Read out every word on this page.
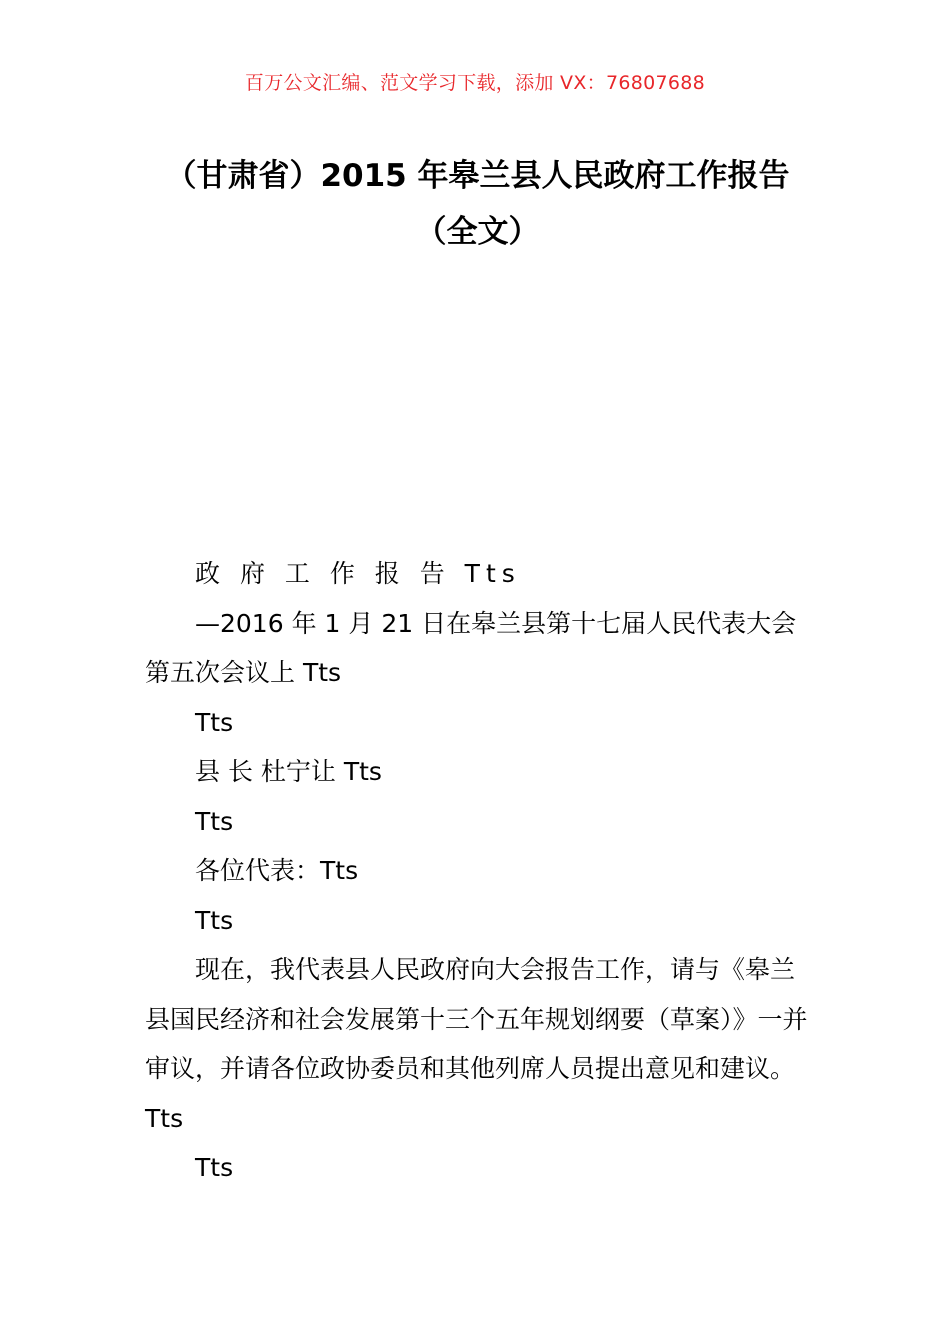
百万公文汇编、范文学习下载，添加 VX：76807688
（甘肃省）2015 年皋兰县人民政府工作报告（全文）

政 府 工 作 报 告 Tts

—2016 年 1 月 21 日在皋兰县第十七届人民代表大会第五次会议上 Tts

Tts

县 长 杜宁让 Tts

Tts

各位代表：Tts

Tts

现在，我代表县人民政府向大会报告工作，请与《皋兰县国民经济和社会发展第十三个五年规划纲要（草案）》一并审议，并请各位政协委员和其他列席人员提出意见和建议。Tts

Tts
